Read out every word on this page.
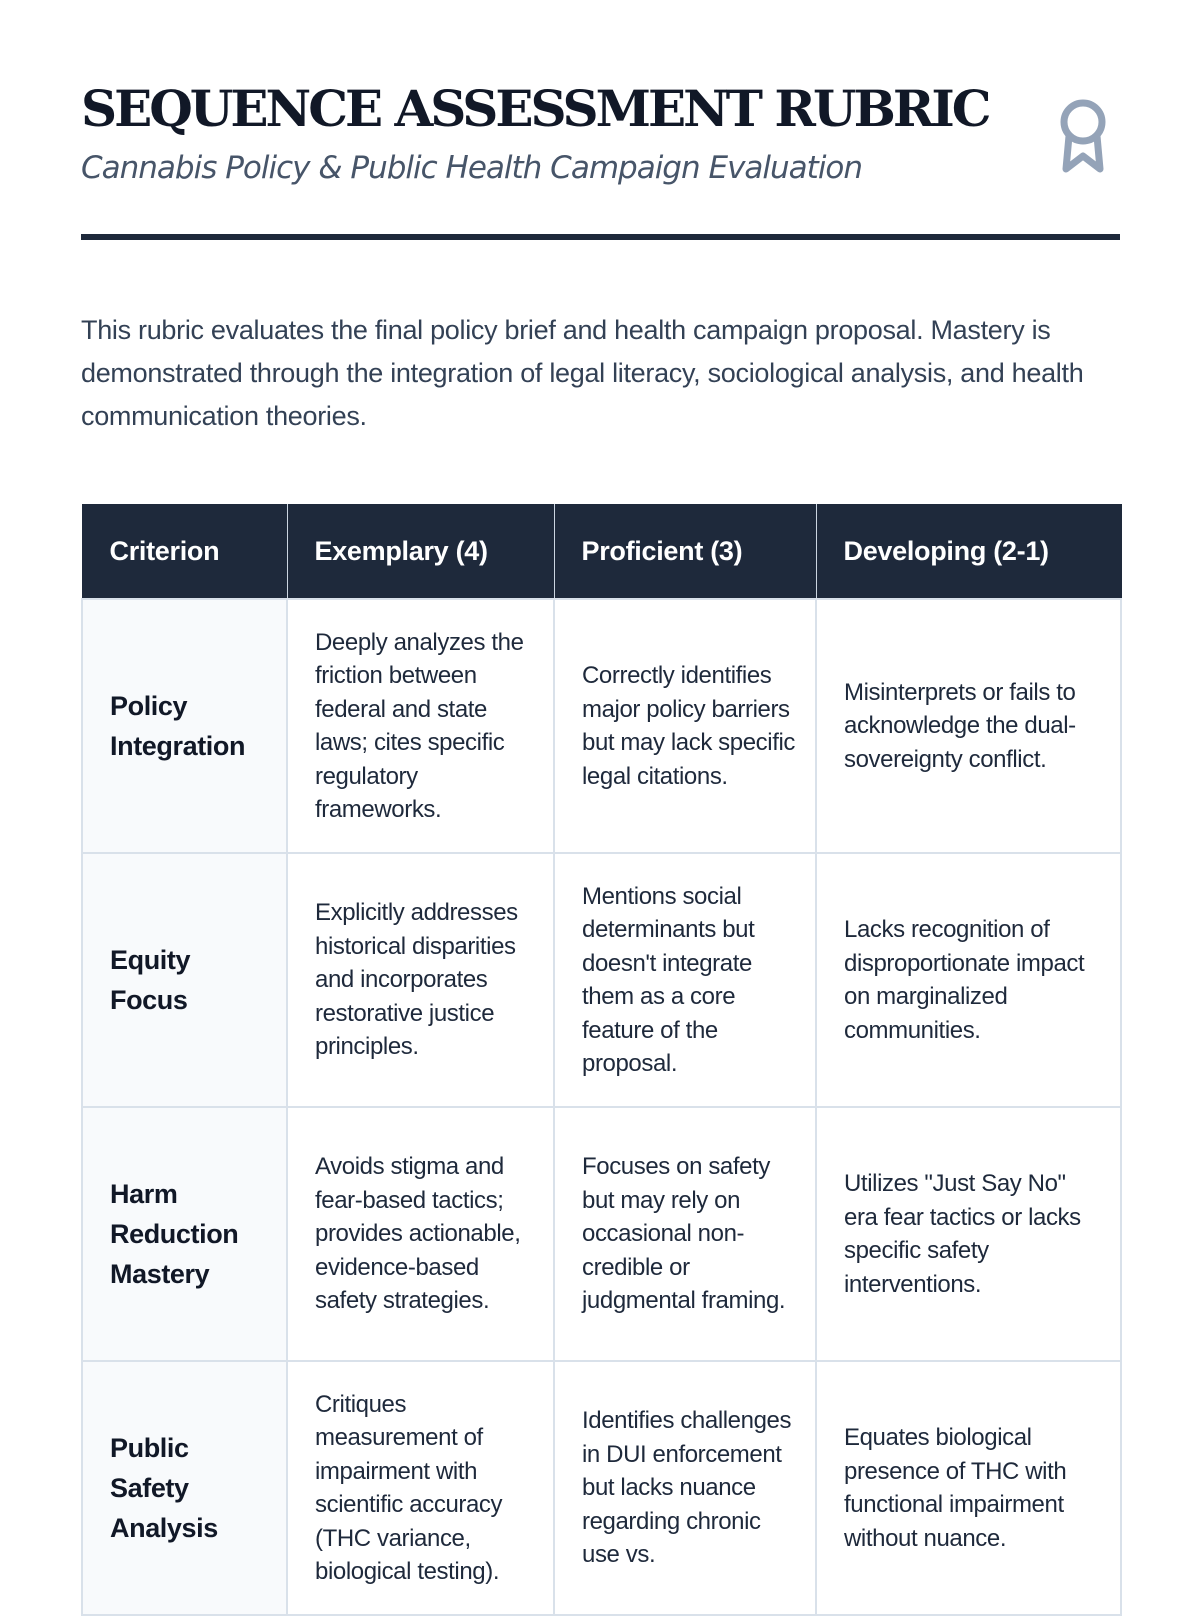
SEQUENCE ASSESSMENT RUBRIC
Cannabis Policy & Public Health Campaign Evaluation

This rubric evaluates the final policy brief and health campaign proposal. Mastery is demonstrated through the integration of legal literacy, sociological analysis, and health communication theories.

Criterion	Exemplary (4)	Proficient (3)	Developing (2-1)
Policy Integration	Deeply analyzes the friction between federal and state laws; cites specific regulatory frameworks.	Correctly identifies major policy barriers but may lack specific legal citations.	Misinterprets or fails to acknowledge the dual-sovereignty conflict.
Equity Focus	Explicitly addresses historical disparities and incorporates restorative justice principles.	Mentions social determinants but doesn't integrate them as a core feature of the proposal.	Lacks recognition of disproportionate impact on marginalized communities.
Harm Reduction Mastery	Avoids stigma and fear-based tactics; provides actionable, evidence-based safety strategies.	Focuses on safety but may rely on occasional non-credible or judgmental framing.	Utilizes "Just Say No" era fear tactics or lacks specific safety interventions.
Public Safety Analysis	Critiques measurement of impairment with scientific accuracy (THC variance, biological testing).	Identifies challenges in DUI enforcement but lacks nuance regarding chronic use vs.	Equates biological presence of THC with functional impairment without nuance.
